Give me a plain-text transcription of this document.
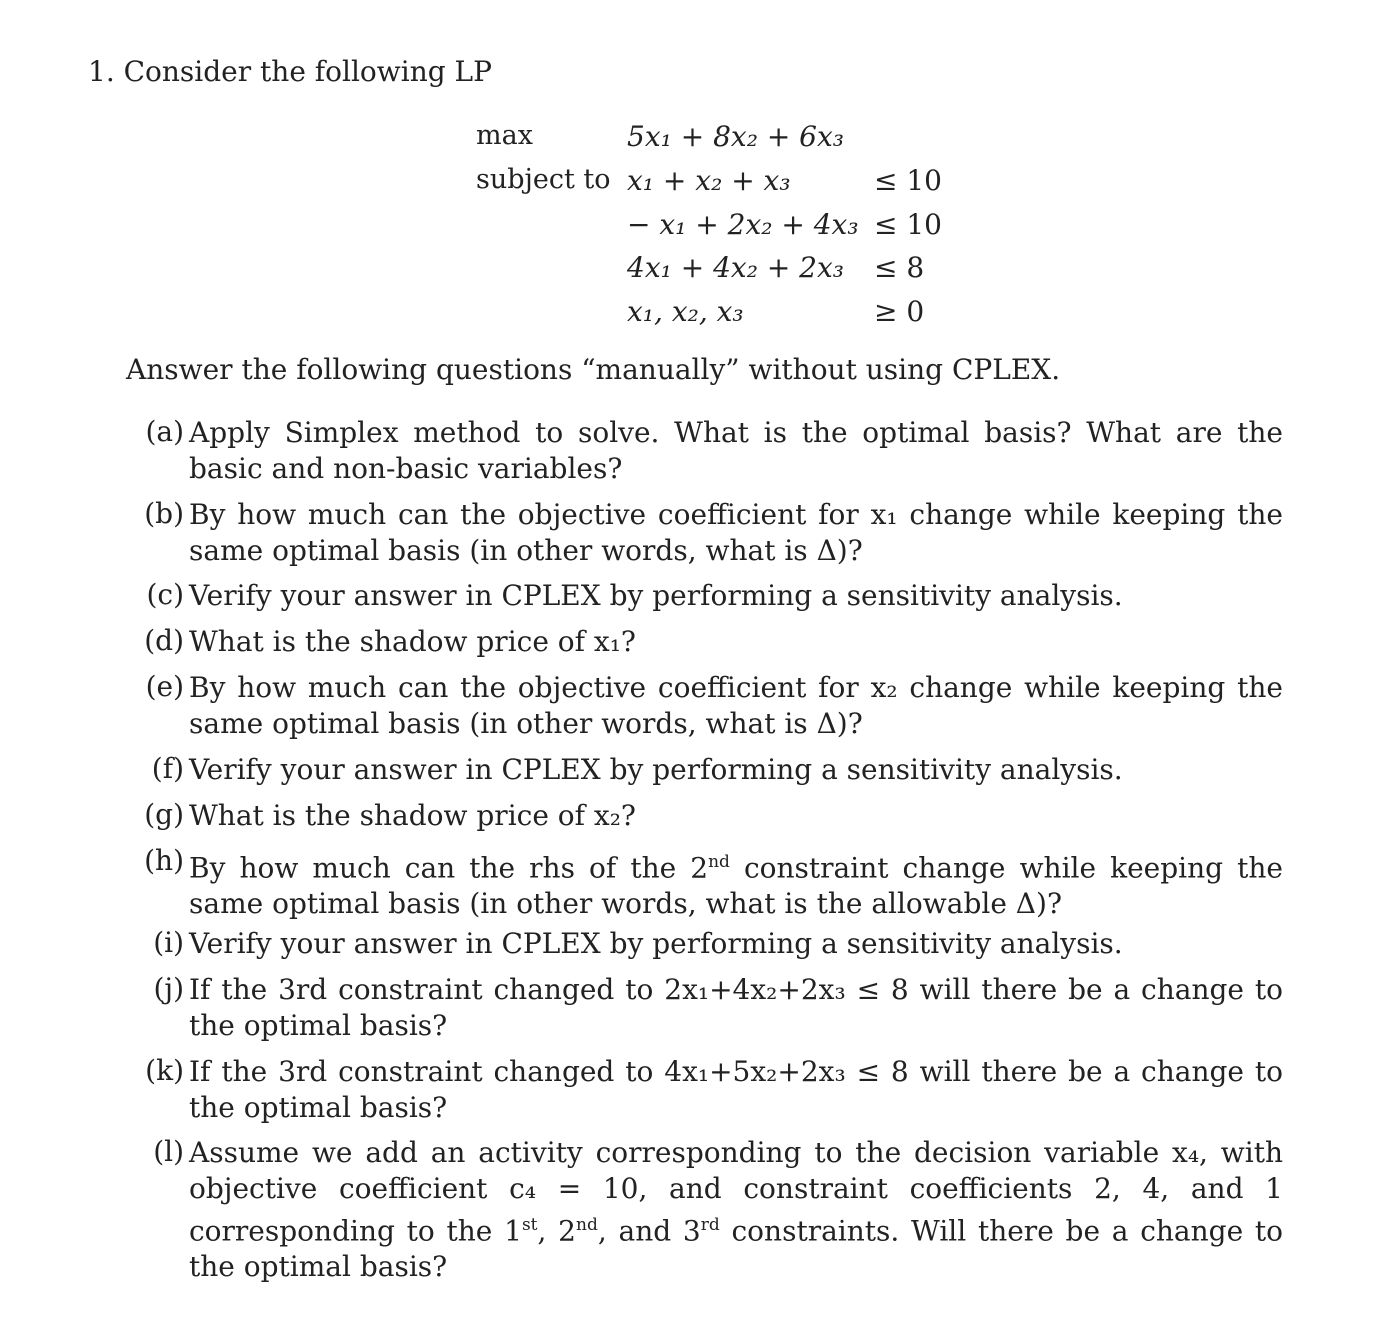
1. Consider the following LP
max	5x₁ + 8x₂ + 6x₃
subject to x₁ + x₂ + x₃	≤ 10
− x₁ + 2x₂ + 4x₃ ≤ 10
4x₁ + 4x₂ + 2x₃ ≤ 8
x₁, x₂, x₃	≥ 0
Answer the following questions “manually” without using CPLEX.
(a) Apply Simplex method to solve. What is the optimal basis? What are the basic and non-basic variables?
(b) By how much can the objective coefficient for x₁ change while keeping the same optimal basis (in other words, what is Δ)?
(c) Verify your answer in CPLEX by performing a sensitivity analysis.
(d) What is the shadow price of x₁?
(e) By how much can the objective coefficient for x₂ change while keeping the same optimal basis (in other words, what is Δ)?
(f) Verify your answer in CPLEX by performing a sensitivity analysis.
(g) What is the shadow price of x₂?
(h) By how much can the rhs of the 2nd constraint change while keeping the same optimal basis (in other words, what is the allowable Δ)?
(i) Verify your answer in CPLEX by performing a sensitivity analysis.
(j) If the 3rd constraint changed to 2x₁+4x₂+2x₃ ≤ 8 will there be a change to the optimal basis?
(k) If the 3rd constraint changed to 4x₁+5x₂+2x₃ ≤ 8 will there be a change to the optimal basis?
(l) Assume we add an activity corresponding to the decision variable x₄, with objective coefficient c₄ = 10, and constraint coefficients 2, 4, and 1 corresponding to the 1st, 2nd, and 3rd constraints. Will there be a change to the optimal basis?
